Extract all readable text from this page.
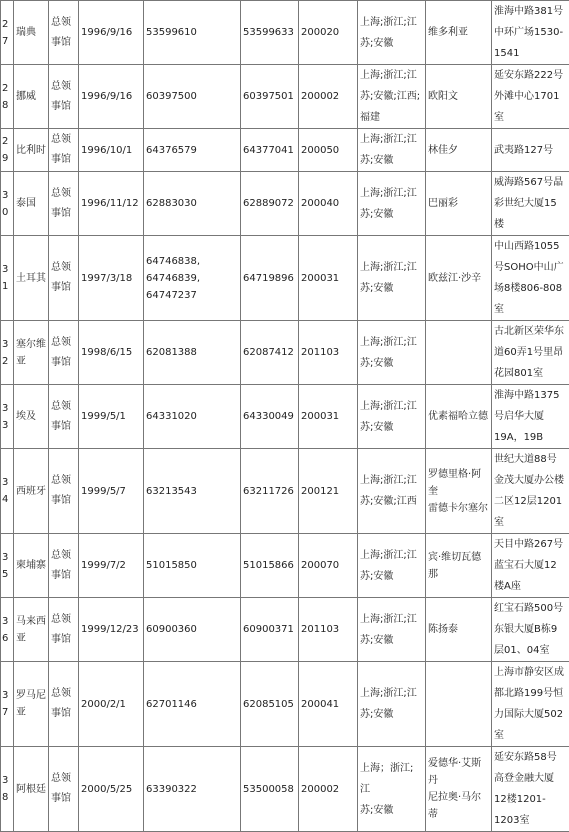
27	瑞典	总领
事馆	1996/9/16	53599610	53599633	200020	上海;浙江;江
苏;安徽	维多利亚	淮海中路381号
中环广场1530-
1541
28	挪威	总领
事馆	1996/9/16	60397500	60397501	200002	上海;浙江;江
苏;安徽;江西;
福建	欧阳文	延安东路222号
外滩中心1701
室
29	比利时	总领
事馆	1996/10/1	64376579	64377041	200050	上海;浙江;江
苏;安徽	林佳夕	武夷路127号
30	泰国	总领
事馆	1996/11/12	62883030	62889072	200040	上海;浙江;江
苏;安徽	巴丽彩	威海路567号晶
彩世纪大厦15
楼
31	土耳其	总领
事馆	1997/3/18	64746838,
64746839,
64747237	64719896	200031	上海;浙江;江
苏;安徽	欧兹江·沙辛	中山西路1055
号SOHO中山广
场8楼806-808
室
32	塞尔维
亚	总领
事馆	1998/6/15	62081388	62087412	201103	上海;浙江;江
苏;安徽		古北新区荣华东
道60弄1号里昂
花园801室
33	埃及	总领
事馆	1999/5/1	64331020	64330049	200031	上海;浙江;江
苏;安徽	优素福哈立德	淮海中路1375
号启华大厦
19A，19B
34	西班牙	总领
事馆	1999/5/7	63213543	63211726	200121	上海;浙江;江
苏;安徽;江西	罗德里格·阿奎
雷德卡尔塞尔	世纪大道88号
金茂大厦办公楼
二区12层1201
室
35	柬埔寨	总领
事馆	1999/7/2	51015850	51015866	200070	上海;浙江;江
苏;安徽	宾·维切瓦德那	天目中路267号
蓝宝石大厦12
楼A座
36	马来西
亚	总领
事馆	1999/12/23	60900360	60900371	201103	上海;浙江;江
苏;安徽	陈扬泰	红宝石路500号
东银大厦B栋9
层01、04室
37	罗马尼
亚	总领
事馆	2000/2/1	62701146	62085105	200041	上海;浙江;江
苏;安徽		上海市静安区成
都北路199号恒
力国际大厦502
室
38	阿根廷	总领
事馆	2000/5/25	63390322	53500058	200002	上海；浙江;江
苏;安徽	爱德华·艾斯丹
尼拉奥·马尔蒂	延安东路58号
高登金融大厦
12楼1201-
1203室
